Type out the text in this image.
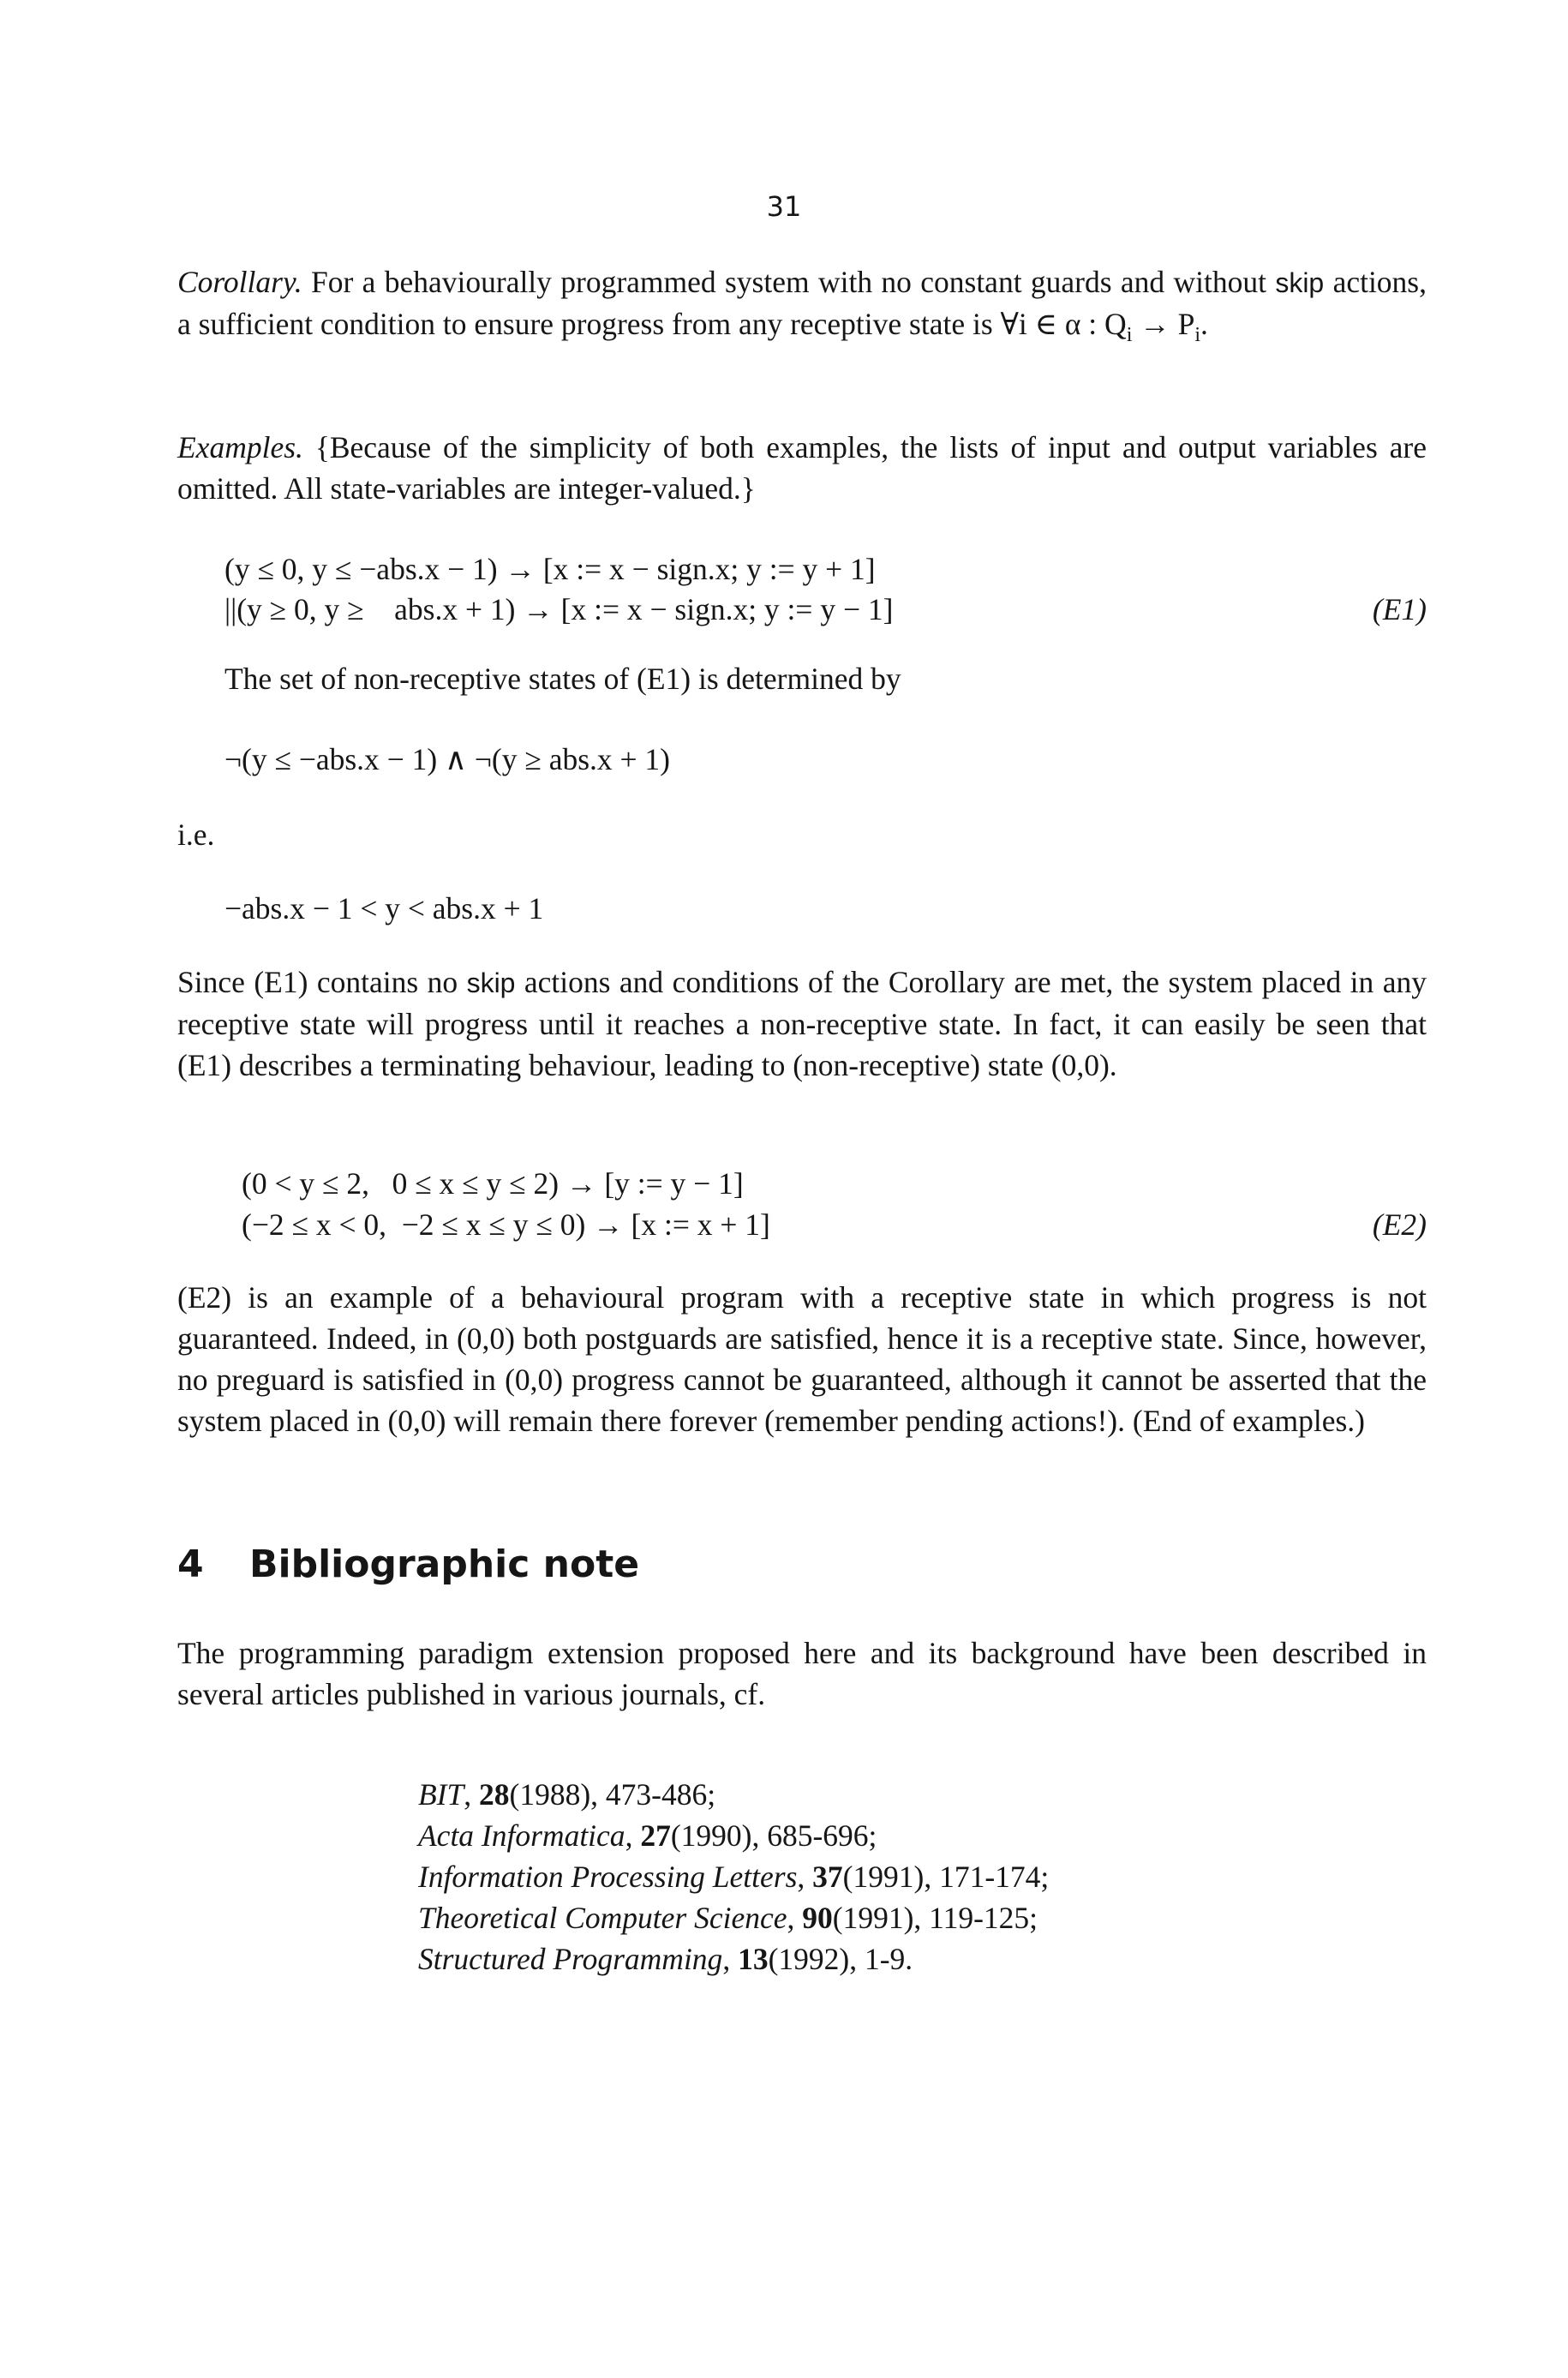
31
Corollary. For a behaviourally programmed system with no constant guards and without skip actions, a sufficient condition to ensure progress from any receptive state is ∀i ∈ α : $Q_i \to P_i$.
Examples. {Because of the simplicity of both examples, the lists of input and output variables are omitted. All state-variables are integer-valued.}
(y ≤ 0, y ≤ −abs.x − 1) → [x := x − sign.x; y := y + 1]
||(y ≥ 0, y ≥    abs.x + 1) → [x := x − sign.x; y := y − 1]	(E1)
The set of non-receptive states of (E1) is determined by
¬(y ≤ −abs.x − 1) ∧ ¬(y ≥ abs.x + 1)
i.e.
−abs.x − 1 < y < abs.x + 1
Since (E1) contains no skip actions and conditions of the Corollary are met, the system placed in any receptive state will progress until it reaches a non-receptive state. In fact, it can easily be seen that (E1) describes a terminating behaviour, leading to (non-receptive) state (0,0).
(0 < y ≤ 2,   0 ≤ x ≤ y ≤ 2) → [y := y − 1]
(−2 ≤ x < 0,  −2 ≤ x ≤ y ≤ 0) → [x := x + 1]	(E2)
(E2) is an example of a behavioural program with a receptive state in which progress is not guaranteed. Indeed, in (0,0) both postguards are satisfied, hence it is a receptive state. Since, however, no preguard is satisfied in (0,0) progress cannot be guaranteed, although it cannot be asserted that the system placed in (0,0) will remain there forever (remember pending actions!). (End of examples.)
4 Bibliographic note
The programming paradigm extension proposed here and its background have been described in several articles published in various journals, cf.
BIT, 28(1988), 473-486;
Acta Informatica, 27(1990), 685-696;
Information Processing Letters, 37(1991), 171-174;
Theoretical Computer Science, 90(1991), 119-125;
Structured Programming, 13(1992), 1-9.
